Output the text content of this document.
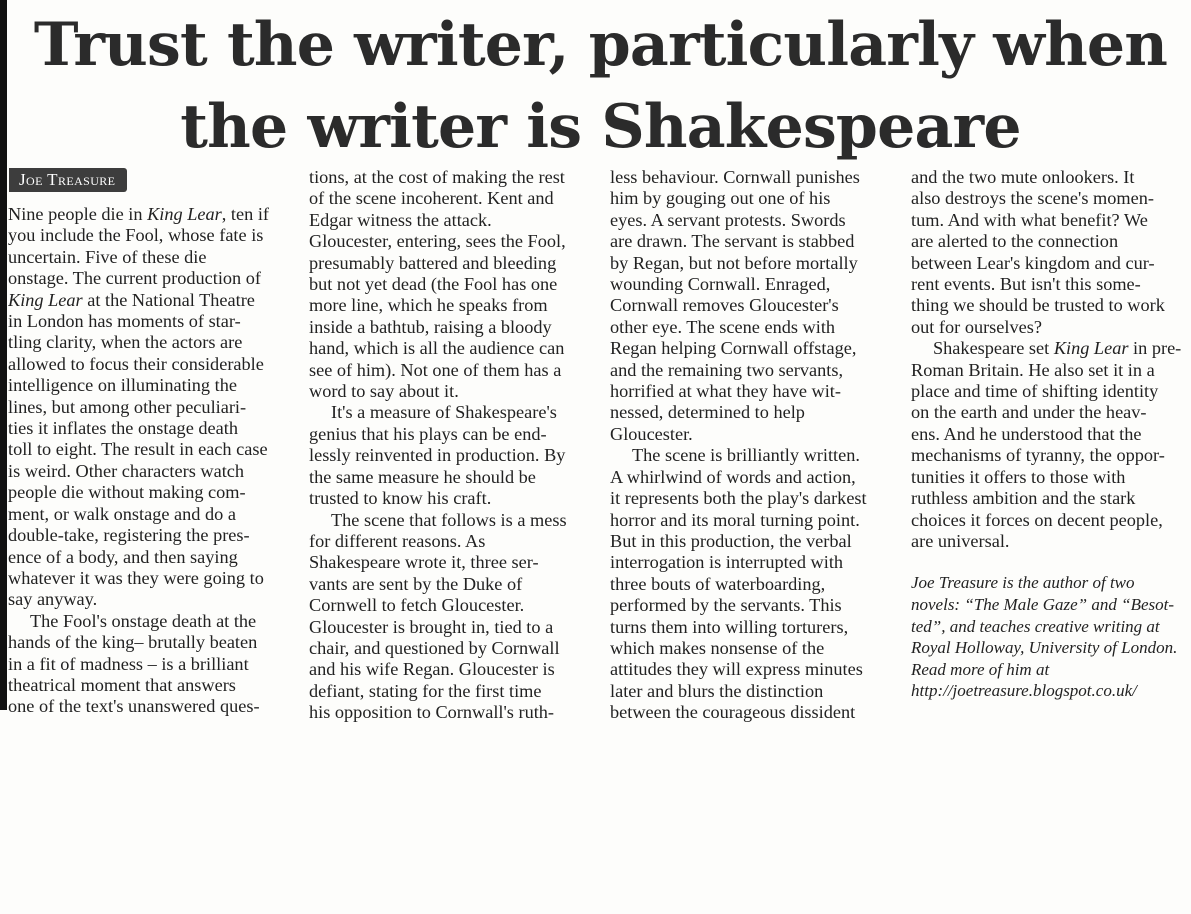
Trust the writer, particularly when
the writer is Shakespeare
Joe Treasure

Nine people die in King Lear, ten if
you include the Fool, whose fate is
uncertain. Five of these die
onstage. The current production of
King Lear at the National Theatre
in London has moments of star-
tling clarity, when the actors are
allowed to focus their considerable
intelligence on illuminating the
lines, but among other peculiari-
ties it inflates the onstage death
toll to eight. The result in each case
is weird. Other characters watch
people die without making com-
ment, or walk onstage and do a
double-take, registering the pres-
ence of a body, and then saying
whatever it was they were going to
say anyway.

The Fool's onstage death at the
hands of the king– brutally beaten
in a fit of madness – is a brilliant
theatrical moment that answers
one of the text's unanswered ques-

tions, at the cost of making the rest
of the scene incoherent. Kent and
Edgar witness the attack.
Gloucester, entering, sees the Fool,
presumably battered and bleeding
but not yet dead (the Fool has one
more line, which he speaks from
inside a bathtub, raising a bloody
hand, which is all the audience can
see of him). Not one of them has a
word to say about it.

It's a measure of Shakespeare's
genius that his plays can be end-
lessly reinvented in production. By
the same measure he should be
trusted to know his craft.

The scene that follows is a mess
for different reasons. As
Shakespeare wrote it, three ser-
vants are sent by the Duke of
Cornwell to fetch Gloucester.
Gloucester is brought in, tied to a
chair, and questioned by Cornwall
and his wife Regan. Gloucester is
defiant, stating for the first time
his opposition to Cornwall's ruth-

less behaviour. Cornwall punishes
him by gouging out one of his
eyes. A servant protests. Swords
are drawn. The servant is stabbed
by Regan, but not before mortally
wounding Cornwall. Enraged,
Cornwall removes Gloucester's
other eye. The scene ends with
Regan helping Cornwall offstage,
and the remaining two servants,
horrified at what they have wit-
nessed, determined to help
Gloucester.

The scene is brilliantly written.
A whirlwind of words and action,
it represents both the play's darkest
horror and its moral turning point.
But in this production, the verbal
interrogation is interrupted with
three bouts of waterboarding,
performed by the servants. This
turns them into willing torturers,
which makes nonsense of the
attitudes they will express minutes
later and blurs the distinction
between the courageous dissident

and the two mute onlookers. It
also destroys the scene's momen-
tum. And with what benefit? We
are alerted to the connection
between Lear's kingdom and cur-
rent events. But isn't this some-
thing we should be trusted to work
out for ourselves?

Shakespeare set King Lear in pre-
Roman Britain. He also set it in a
place and time of shifting identity
on the earth and under the heav-
ens. And he understood that the
mechanisms of tyranny, the oppor-
tunities it offers to those with
ruthless ambition and the stark
choices it forces on decent people,
are universal.

Joe Treasure is the author of two
novels: “The Male Gaze” and “Besot-
ted”, and teaches creative writing at
Royal Holloway, University of London.
Read more of him at
http://joetreasure.blogspot.co.uk/
